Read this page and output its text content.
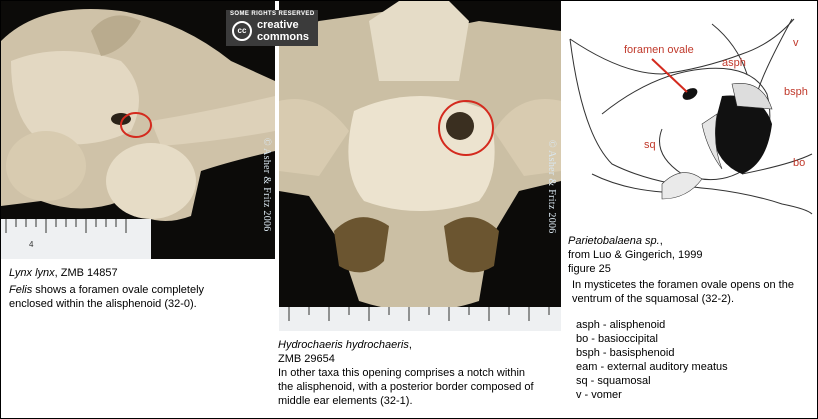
4
© Asher & Fritz 2006	© Asher & Fritz 2006
SOME RIGHTS RESERVED
cc creative
commons
foramen ovale
asph
v
bsph
sq
bo
Lynx lynx, ZMB 14857
Felis shows a foramen ovale completely
enclosed within the alisphenoid (32-0).
Hydrochaeris hydrochaeris,
ZMB 29654
In other taxa this opening comprises a notch within
the alisphenoid, with a posterior border composed of
middle ear elements (32-1).
Parietobalaena sp.,
from Luo & Gingerich, 1999
figure 25
In mysticetes the foramen ovale opens on the
ventrum of the squamosal (32-2).
asph - alisphenoid
bo - basioccipital
bsph - basisphenoid
eam - external auditory meatus
sq - squamosal
v - vomer
